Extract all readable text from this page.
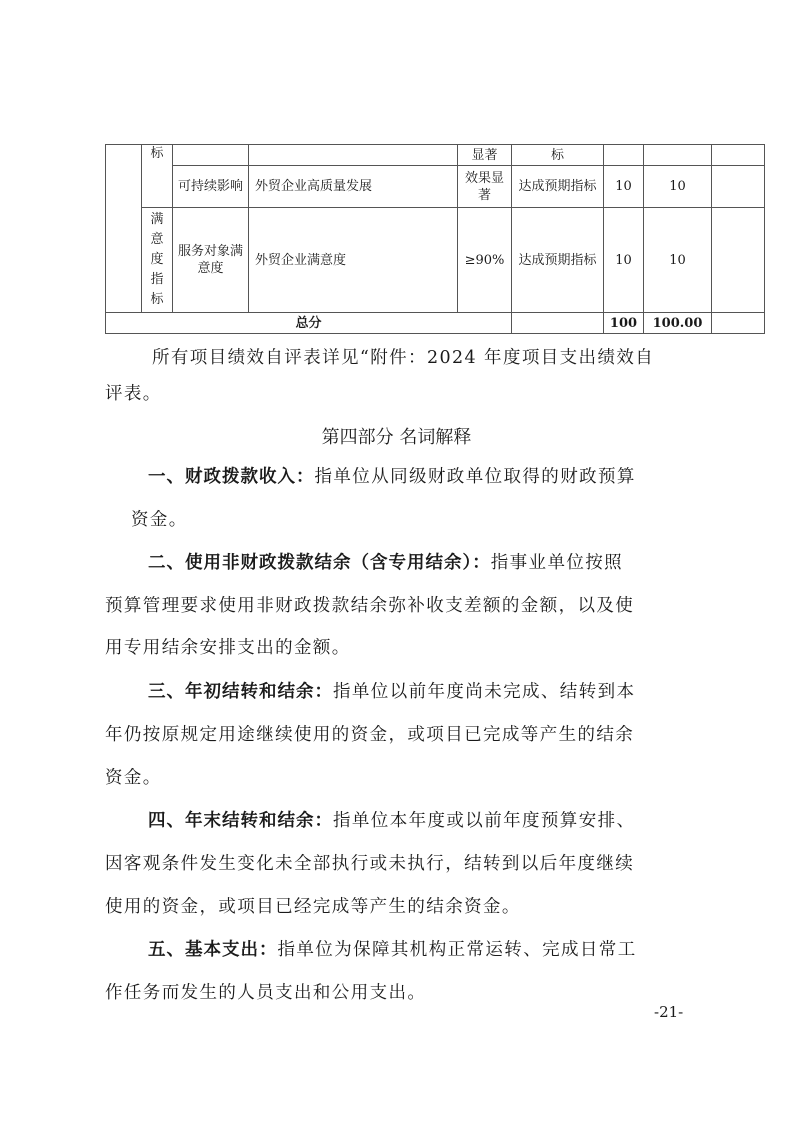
	标			显著	标			
		可持续影响	外贸企业高质量发展	效果显著	达成预期指标	10	10	

	满意度指标	服务对象满意度	外贸企业满意度	≥90%	达成预期指标	10	10	
总分						100	100.00	
所有项目绩效自评表详见“附件：2024 年度项目支出绩效自
评表。
第四部分 名词解释
一、财政拨款收入：指单位从同级财政单位取得的财政预算
资金。
二、使用非财政拨款结余（含专用结余）：指事业单位按照
预算管理要求使用非财政拨款结余弥补收支差额的金额，以及使
用专用结余安排支出的金额。
三、年初结转和结余：指单位以前年度尚未完成、结转到本
年仍按原规定用途继续使用的资金，或项目已完成等产生的结余
资金。
四、年末结转和结余：指单位本年度或以前年度预算安排、
因客观条件发生变化未全部执行或未执行，结转到以后年度继续
使用的资金，或项目已经完成等产生的结余资金。
五、基本支出：指单位为保障其机构正常运转、完成日常工
作任务而发生的人员支出和公用支出。
-21-
